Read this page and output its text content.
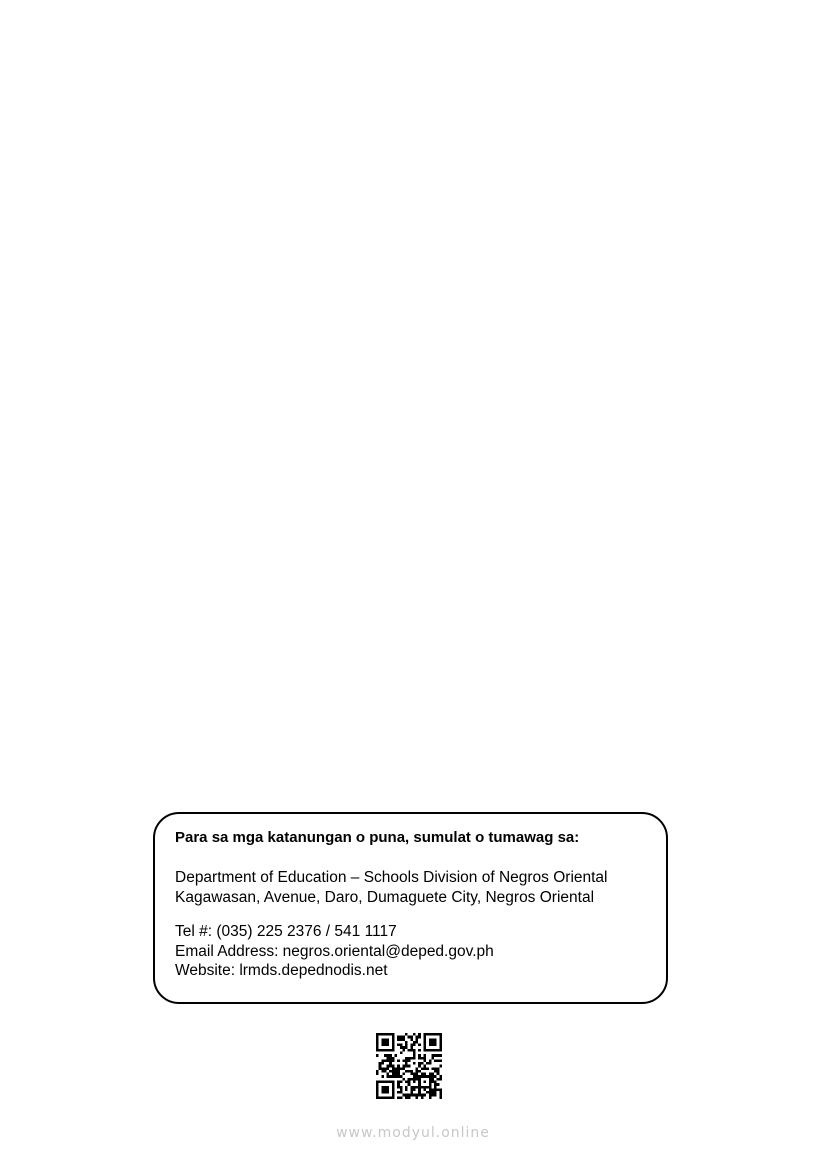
Para sa mga katanungan o puna, sumulat o tumawag sa:

Department of Education – Schools Division of Negros Oriental

Kagawasan, Avenue, Daro, Dumaguete City, Negros Oriental

Tel #: (035) 225 2376 / 541 1117

Email Address: negros.oriental@deped.gov.ph

Website: lrmds.depednodis.net

www.modyul.online
